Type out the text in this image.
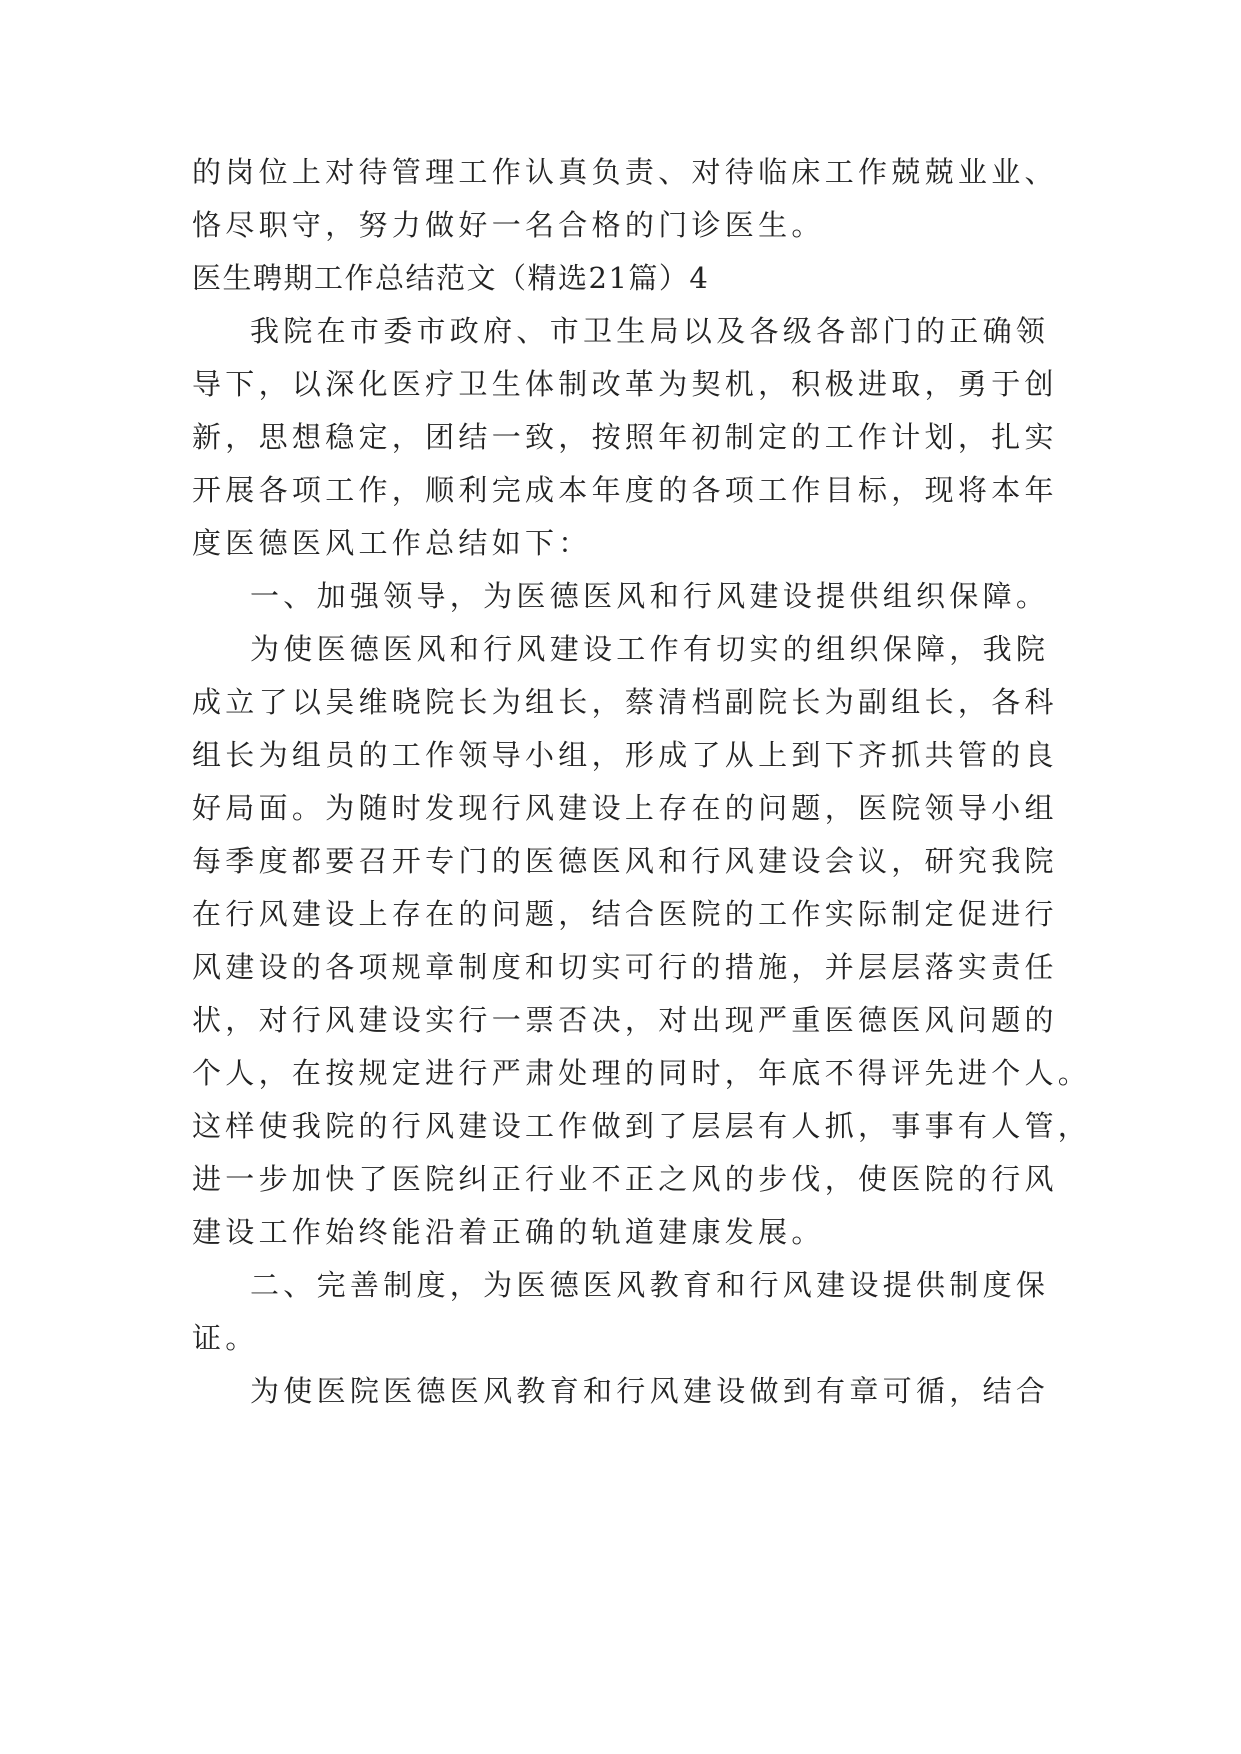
的岗位上对待管理工作认真负责、对待临床工作兢兢业业、
恪尽职守，努力做好一名合格的门诊医生。
医生聘期工作总结范文（精选21篇）4
我院在市委市政府、市卫生局以及各级各部门的正确领
导下，以深化医疗卫生体制改革为契机，积极进取，勇于创
新，思想稳定，团结一致，按照年初制定的工作计划，扎实
开展各项工作，顺利完成本年度的各项工作目标，现将本年
度医德医风工作总结如下：
一、加强领导，为医德医风和行风建设提供组织保障。
为使医德医风和行风建设工作有切实的组织保障，我院
成立了以吴维晓院长为组长，蔡清档副院长为副组长，各科
组长为组员的工作领导小组，形成了从上到下齐抓共管的良
好局面。为随时发现行风建设上存在的问题，医院领导小组
每季度都要召开专门的医德医风和行风建设会议，研究我院
在行风建设上存在的问题，结合医院的工作实际制定促进行
风建设的各项规章制度和切实可行的措施，并层层落实责任
状，对行风建设实行一票否决，对出现严重医德医风问题的
个人，在按规定进行严肃处理的同时，年底不得评先进个人。
这样使我院的行风建设工作做到了层层有人抓，事事有人管，
进一步加快了医院纠正行业不正之风的步伐，使医院的行风
建设工作始终能沿着正确的轨道建康发展。
二、完善制度，为医德医风教育和行风建设提供制度保
证。
为使医院医德医风教育和行风建设做到有章可循，结合
